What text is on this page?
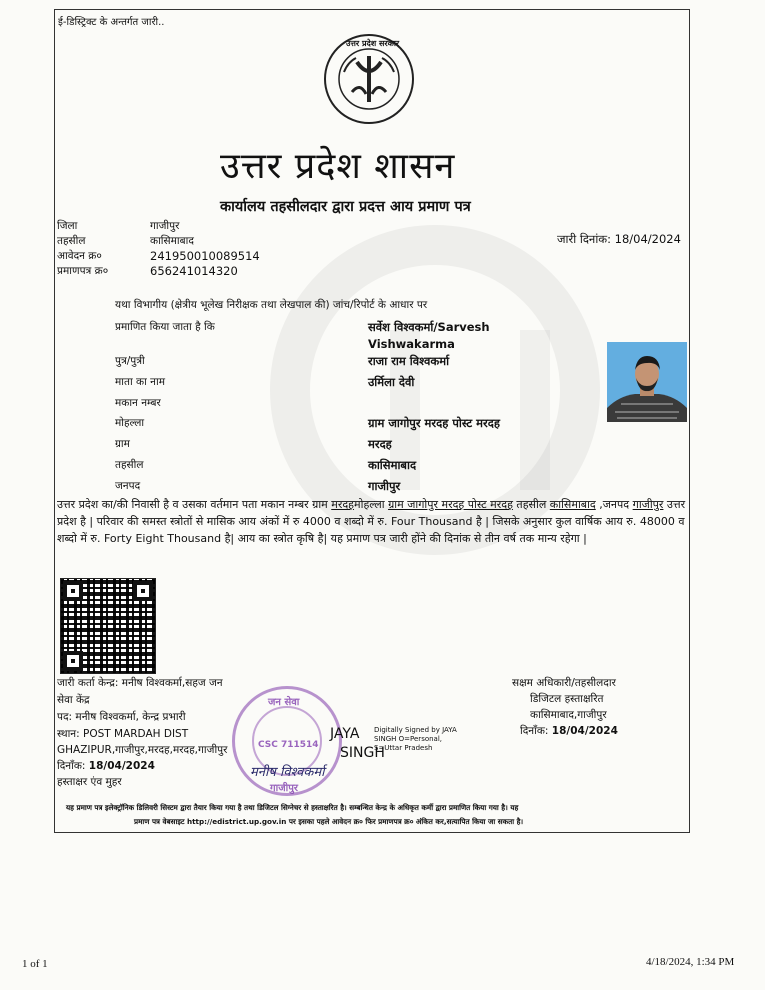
ई-डिस्ट्रिक्ट के अन्तर्गत जारी..
उत्तर प्रदेश सरकार
उत्तर प्रदेश शासन
कार्यालय तहसीलदार द्वारा प्रदत्त आय प्रमाण पत्र
जिला	गाजीपुर
तहसील	कासिमाबाद
आवेदन क्र०	241950010089514
प्रमाणपत्र क्र०	656241014320
जारी दिनांक: 18/04/2024
यथा विभागीय (क्षेत्रीय भूलेख निरीक्षक तथा लेखपाल की) जांच/रिपोर्ट के आधार पर
प्रमाणित किया जाता है कि	सर्वेश विश्वकर्मा/Sarvesh
Vishwakarma
पुत्र/पुत्री	राजा राम विश्वकर्मा
माता का नाम	उर्मिला देवी
मकान नम्बर
मोहल्ला	ग्राम जागोपुर मरदह पोस्ट मरदह
ग्राम	मरदह
तहसील	कासिमाबाद
जनपद	गाजीपुर
उत्तर प्रदेश का/की निवासी है व उसका वर्तमान पता मकान नम्बर ग्राम मरदहमोहल्ला ग्राम जागोपुर मरदह पोस्ट मरदह तहसील कासिमाबाद ,जनपद गाजीपुर उत्तर प्रदेश है | परिवार की समस्त स्त्रोतों से मासिक आय अंकों में रु 4000 व शब्दो में रु. Four Thousand है | जिसके अनुसार कुल वार्षिक आय रु. 48000 व शब्दो में रु. Forty Eight Thousand है| आय का स्त्रोत कृषि है| यह प्रमाण पत्र जारी होंने की दिनांक से तीन वर्ष तक मान्य रहेगा |
जारी कर्ता केन्द्र: मनीष विश्वकर्मा,सहज जन
सेवा केंद्र
पद: मनीष विश्वकर्मा, केन्द्र प्रभारी
स्थान: POST MARDAH DIST
GHAZIPUR,गाजीपुर,मरदह,मरदह,गाजीपुर
दिनाँक: 18/04/2024
हस्ताक्षर एंव मुहर
जन सेवा
CSC 711514
गाजीपुर
मनीष विश्वकर्मा
JAYA
SINGH
Digitally Signed by JAYA
SINGH O=Personal,
S=Uttar Pradesh
सक्षम अधिकारी/तहसीलदार
डिजिटल हस्ताक्षरित
कासिमाबाद,गाजीपुर
दिनाँक: 18/04/2024
यह प्रमाण पत्र इलेक्ट्रॉनिक डिलिवरी सिस्टम द्वारा तैयार किया गया है तथा डिजिटल सिग्नेचर से हस्ताक्षरित है। सम्बन्धित केन्द्र के अधिकृत कर्मी द्वारा प्रमाणित किया गया है। यह
प्रमाण पत्र वेबसाइट http://edistrict.up.gov.in पर इसका पहले आवेदन क्र० फिर प्रमाणपत्र क्र० अंकित कर,सत्यापित किया जा सकता है।
1 of 1	4/18/2024, 1:34 PM
